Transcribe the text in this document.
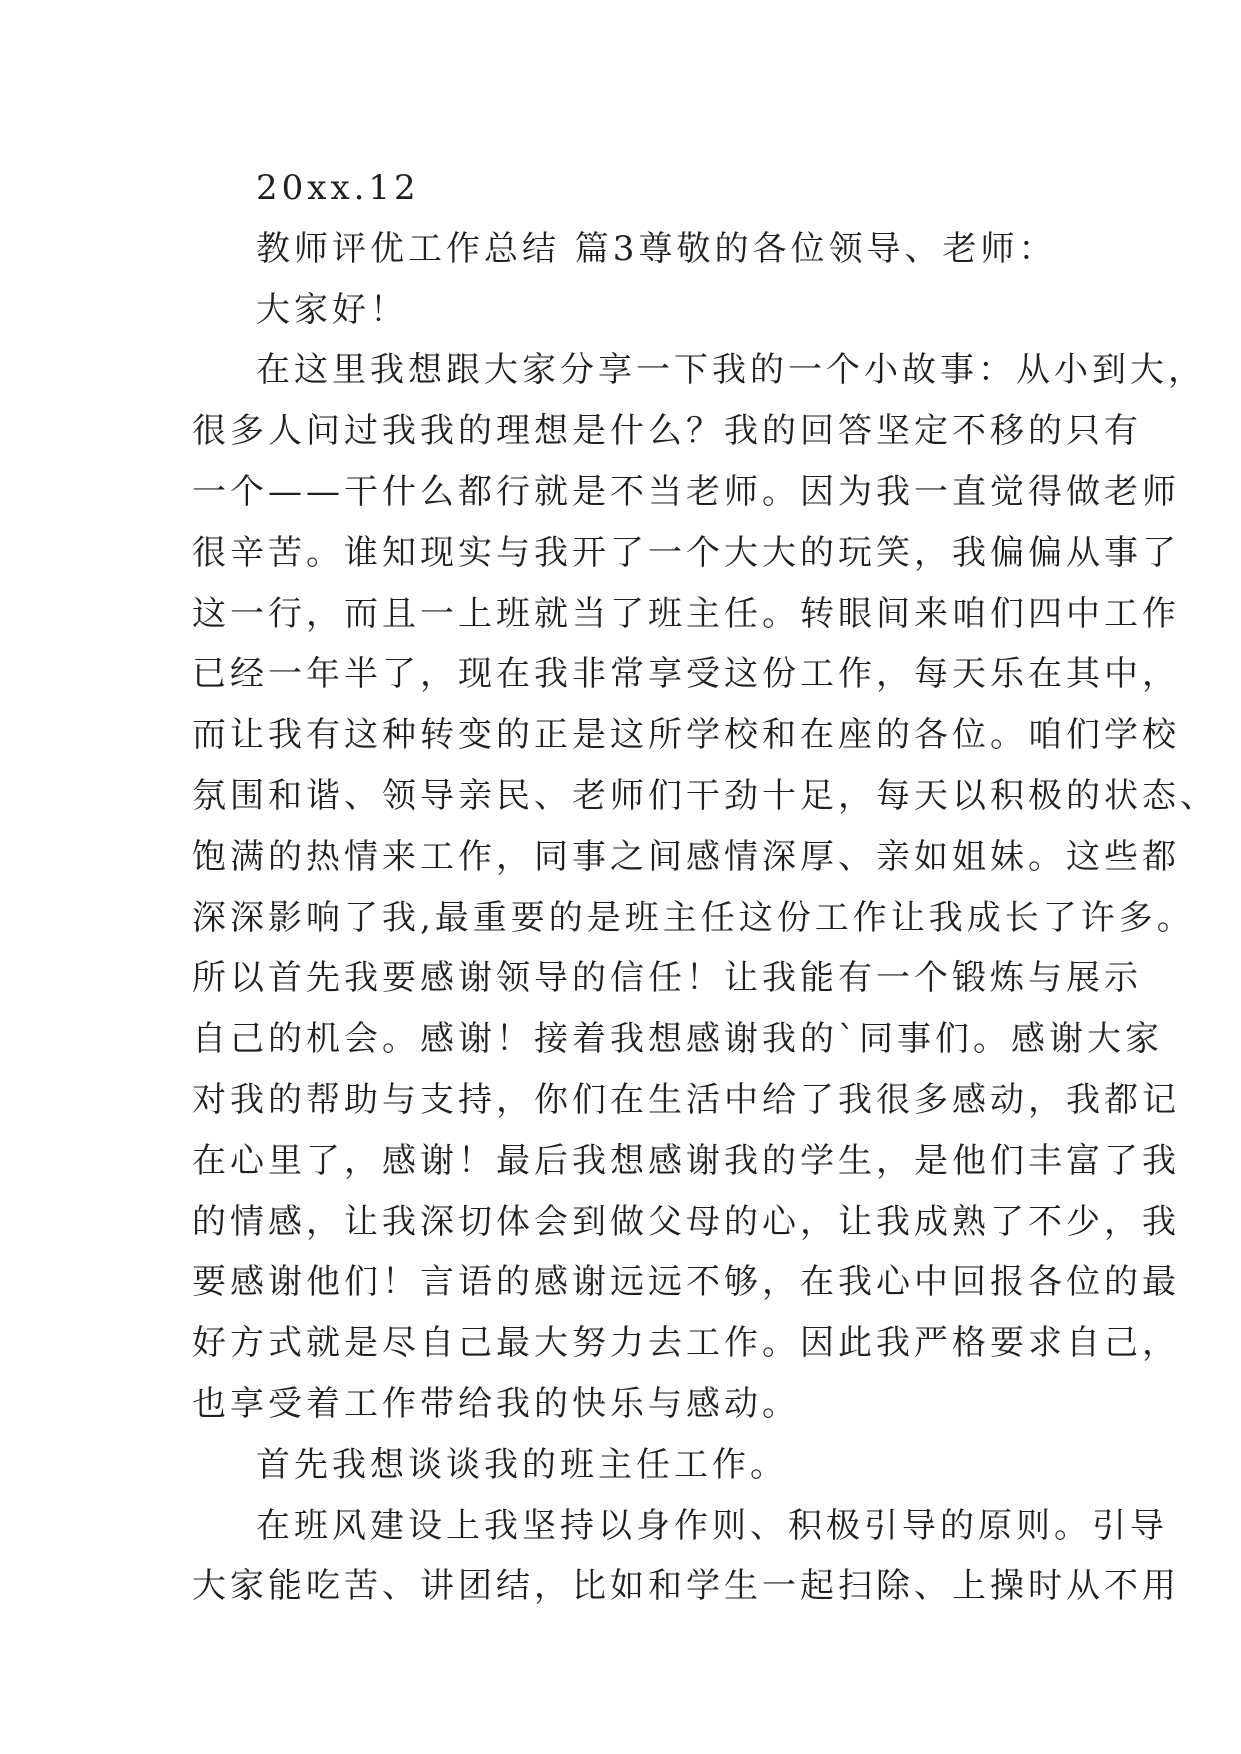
20xx.12
教师评优工作总结 篇3尊敬的各位领导、老师：
大家好！
在这里我想跟大家分享一下我的一个小故事：从小到大，
很多人问过我我的理想是什么？我的回答坚定不移的只有
一个——干什么都行就是不当老师。因为我一直觉得做老师
很辛苦。谁知现实与我开了一个大大的玩笑，我偏偏从事了
这一行，而且一上班就当了班主任。转眼间来咱们四中工作
已经一年半了，现在我非常享受这份工作，每天乐在其中，
而让我有这种转变的正是这所学校和在座的各位。咱们学校
氛围和谐、领导亲民、老师们干劲十足，每天以积极的状态、
饱满的热情来工作，同事之间感情深厚、亲如姐妹。这些都
深深影响了我,最重要的是班主任这份工作让我成长了许多。
所以首先我要感谢领导的信任！让我能有一个锻炼与展示
自己的机会。感谢！接着我想感谢我的`同事们。感谢大家
对我的帮助与支持，你们在生活中给了我很多感动，我都记
在心里了，感谢！最后我想感谢我的学生，是他们丰富了我
的情感，让我深切体会到做父母的心，让我成熟了不少，我
要感谢他们！言语的感谢远远不够，在我心中回报各位的最
好方式就是尽自己最大努力去工作。因此我严格要求自己，
也享受着工作带给我的快乐与感动。
首先我想谈谈我的班主任工作。
在班风建设上我坚持以身作则、积极引导的原则。引导
大家能吃苦、讲团结，比如和学生一起扫除、上操时从不用
